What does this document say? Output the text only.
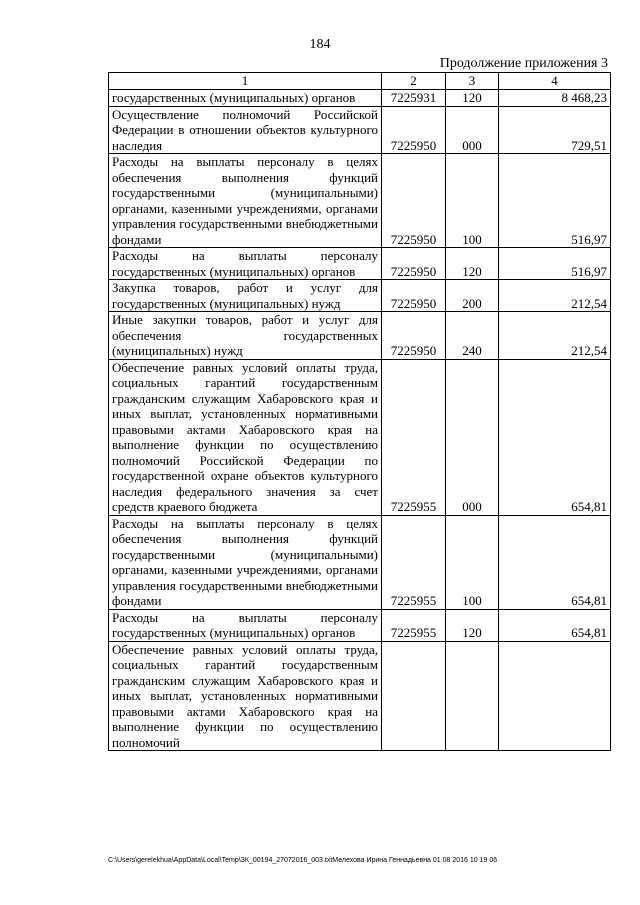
184
Продолжение приложения 3
1	2	3	4
государственных (муниципальных) органов	7225931	120	8 468,23
Осуществление полномочий Российской Федерации в отношении объектов культурного наследия	7225950	000	729,51
Расходы на выплаты персоналу в целях обеспечения выполнения функций государственными (муниципальными) органами, казенными учреждениями, органами управления государственными внебюджетными фондами	7225950	100	516,97
Расходы на выплаты персоналу государственных (муниципальных) органов	7225950	120	516,97
Закупка товаров, работ и услуг для государственных (муниципальных) нужд	7225950	200	212,54
Иные закупки товаров, работ и услуг для обеспечения государственных (муниципальных) нужд	7225950	240	212,54
Обеспечение равных условий оплаты труда, социальных гарантий государственным гражданским служащим Хабаровского края и иных выплат, установленных нормативными правовыми актами Хабаровского края на выполнение функции по осуществлению полномочий Российской Федерации по государственной охране объектов культурного наследия федерального значения за счет средств краевого бюджета	7225955	000	654,81
Расходы на выплаты персоналу в целях обеспечения выполнения функций государственными (муниципальными) органами, казенными учреждениями, органами управления государственными внебюджетными фондами	7225955	100	654,81
Расходы на выплаты персоналу государственных (муниципальных) органов	7225955	120	654,81
Обеспечение равных условий оплаты труда, социальных гарантий государственным гражданским служащим Хабаровского края и иных выплат, установленных нормативными правовыми актами Хабаровского края на выполнение функции по осуществлению полномочий			
C:\Users\gerelekhua\AppData\Local\Temp\ЗК_00194_27072016_003.txtМелехова Ирина Геннадьевна 01 08 2016 10 19 06
